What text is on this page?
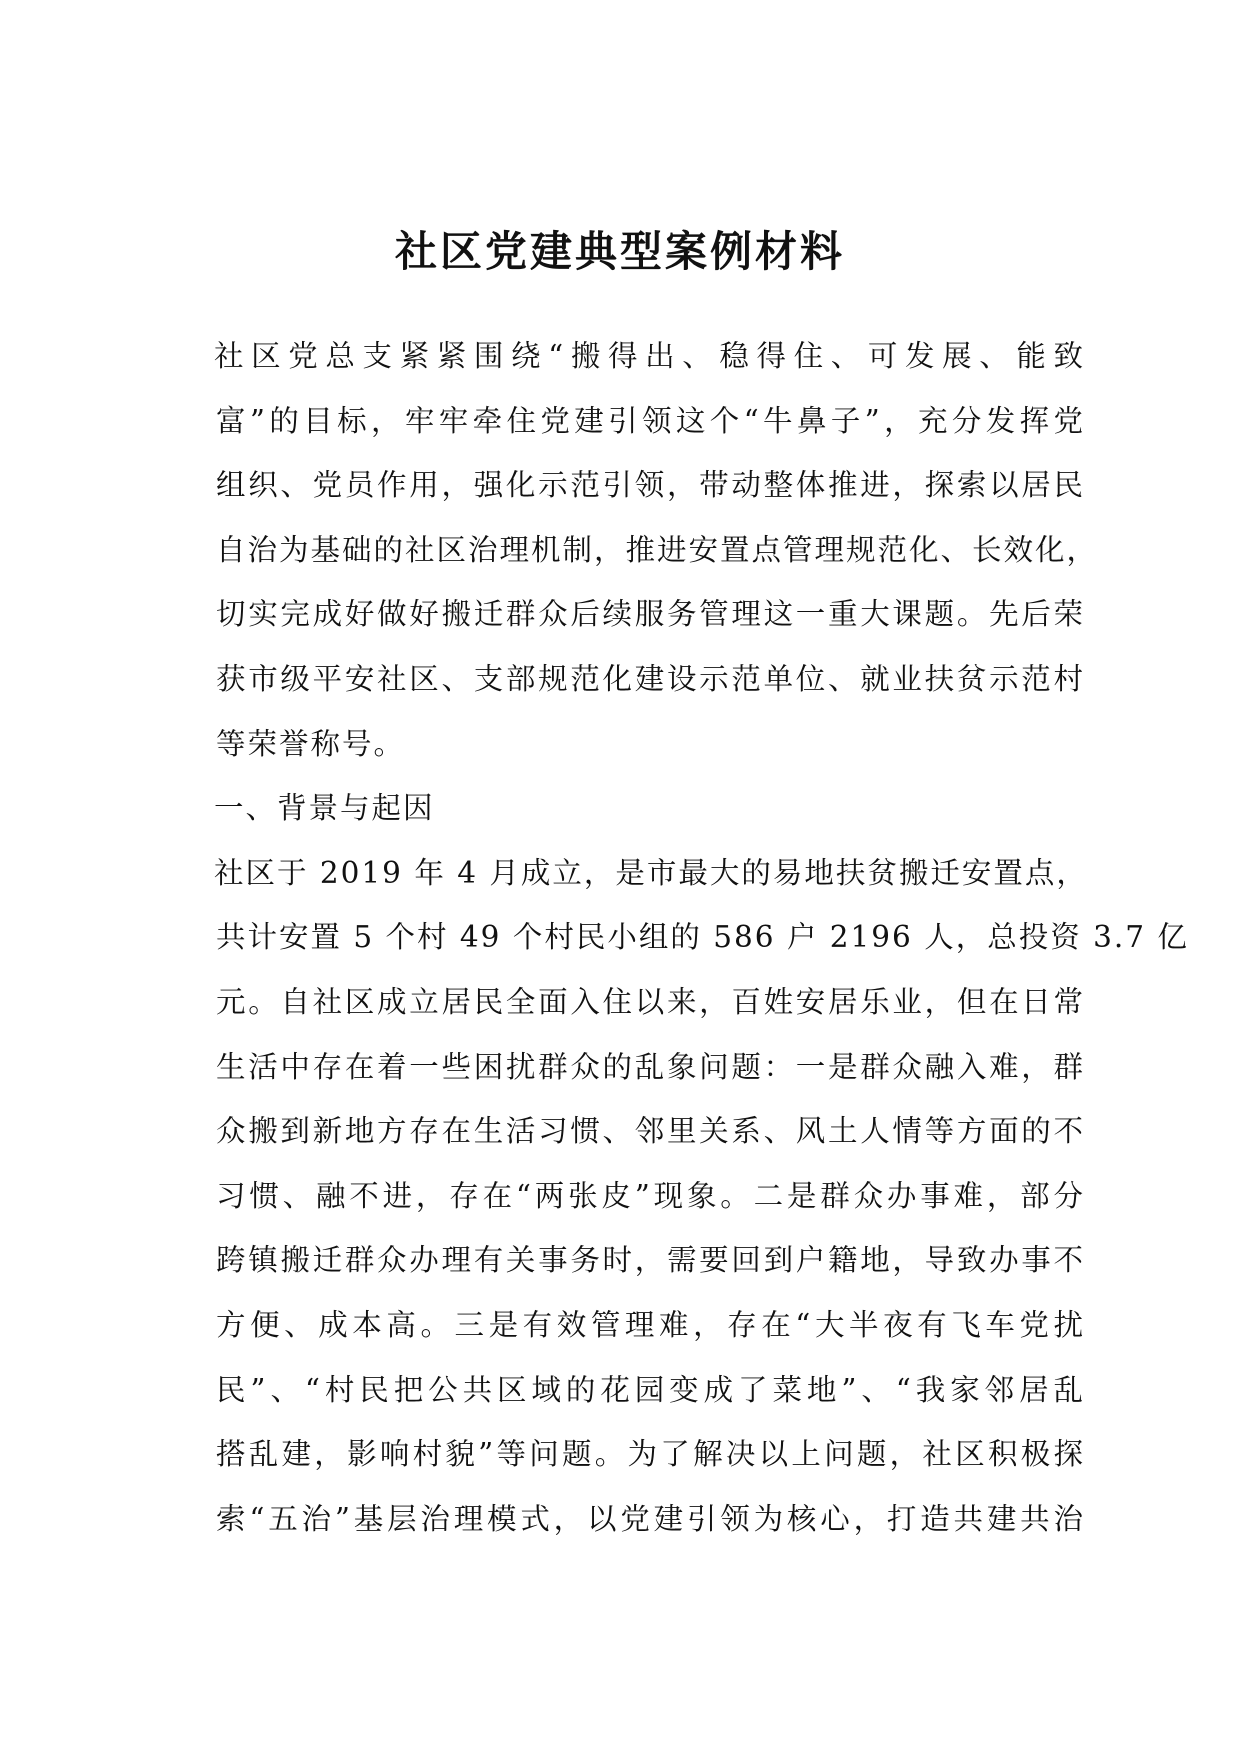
社区党建典型案例材料

社区党总支紧紧围绕“搬得出、稳得住、可发展、能致
富”的目标，牢牢牵住党建引领这个“牛鼻子”，充分发挥党
组织、党员作用，强化示范引领，带动整体推进，探索以居民
自治为基础的社区治理机制，推进安置点管理规范化、长效化，
切实完成好做好搬迁群众后续服务管理这一重大课题。先后荣
获市级平安社区、支部规范化建设示范单位、就业扶贫示范村
等荣誉称号。

一、背景与起因

社区于 2019 年 4 月成立，是市最大的易地扶贫搬迁安置点，
共计安置 5 个村 49 个村民小组的 586 户 2196 人，总投资 3.7 亿
元。自社区成立居民全面入住以来，百姓安居乐业，但在日常
生活中存在着一些困扰群众的乱象问题：一是群众融入难，群
众搬到新地方存在生活习惯、邻里关系、风土人情等方面的不
习惯、融不进，存在“两张皮”现象。二是群众办事难，部分
跨镇搬迁群众办理有关事务时，需要回到户籍地，导致办事不
方便、成本高。三是有效管理难，存在“大半夜有飞车党扰
民”、“村民把公共区域的花园变成了菜地”、“我家邻居乱
搭乱建，影响村貌”等问题。为了解决以上问题，社区积极探
索“五治”基层治理模式，以党建引领为核心，打造共建共治
